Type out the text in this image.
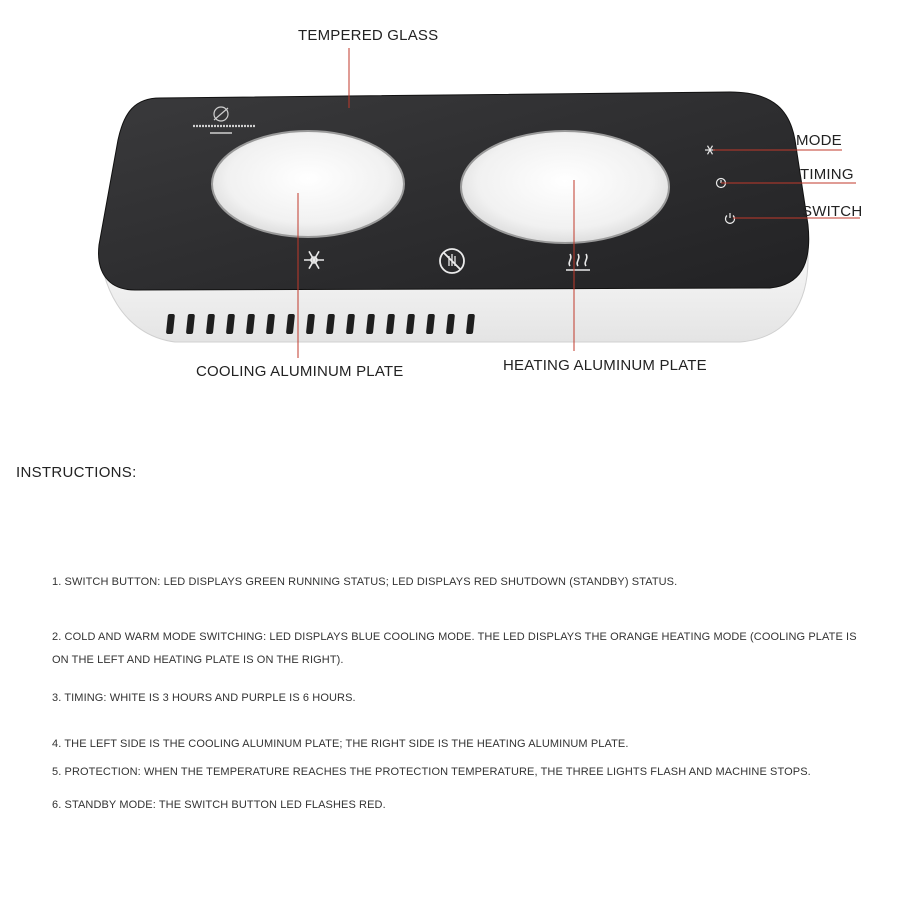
TEMPERED GLASS
MODE
TIMING
SWITCH
COOLING ALUMINUM PLATE	HEATING ALUMINUM PLATE
INSTRUCTIONS:
1. SWITCH BUTTON: LED DISPLAYS GREEN RUNNING STATUS; LED DISPLAYS RED SHUTDOWN (STANDBY) STATUS.
2. COLD AND WARM MODE SWITCHING: LED DISPLAYS BLUE COOLING MODE. THE LED DISPLAYS THE ORANGE HEATING MODE (COOLING PLATE IS ON THE LEFT AND HEATING PLATE IS ON THE RIGHT).
3. TIMING: WHITE IS 3 HOURS AND PURPLE IS 6 HOURS.
4. THE LEFT SIDE IS THE COOLING ALUMINUM PLATE; THE RIGHT SIDE IS THE HEATING ALUMINUM PLATE.
5. PROTECTION: WHEN THE TEMPERATURE REACHES THE PROTECTION TEMPERATURE, THE THREE LIGHTS FLASH AND MACHINE STOPS.
6. STANDBY MODE: THE SWITCH BUTTON LED FLASHES RED.
